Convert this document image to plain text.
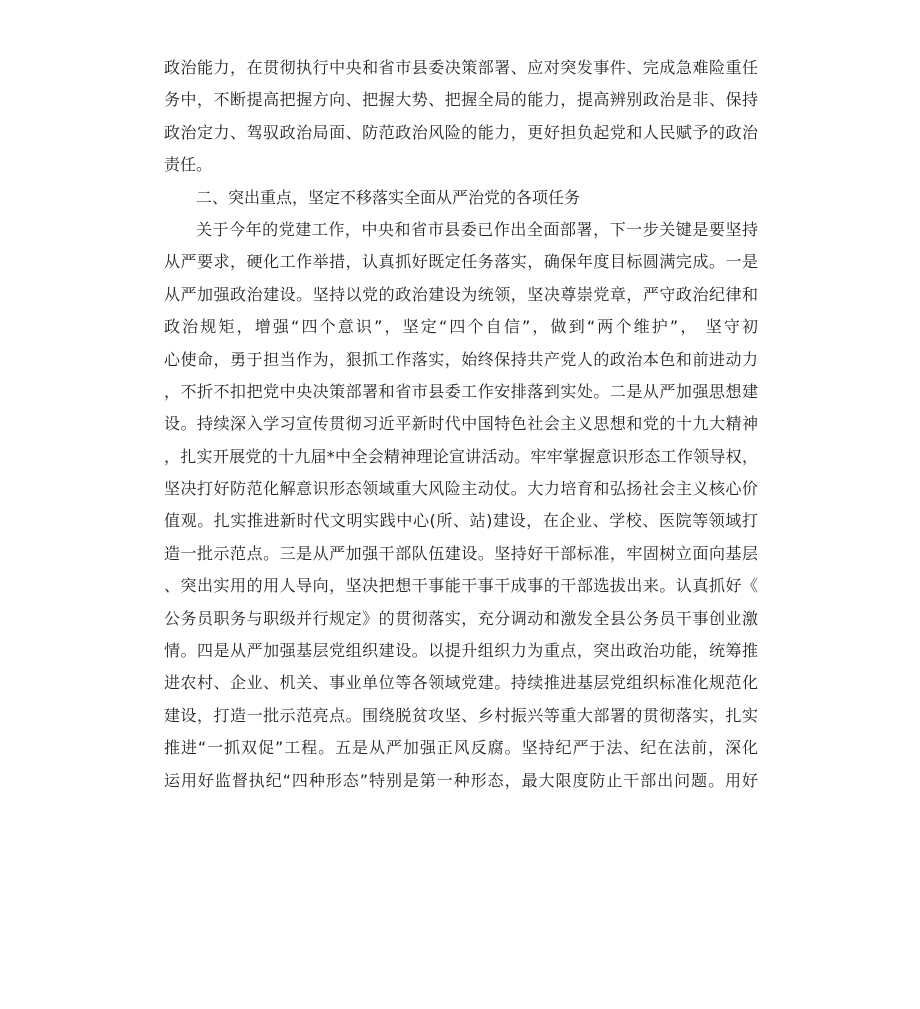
政治能力，在贯彻执行中央和省市县委决策部署、应对突发事件、完成急难险重任
务中，不断提高把握方向、把握大势、把握全局的能力，提高辨别政治是非、保持
政治定力、驾驭政治局面、防范政治风险的能力，更好担负起党和人民赋予的政治
责任。
二、突出重点，坚定不移落实全面从严治党的各项任务
关于今年的党建工作，中央和省市县委已作出全面部署，下一步关键是要坚持
从严要求，硬化工作举措，认真抓好既定任务落实，确保年度目标圆满完成。一是
从严加强政治建设。坚持以党的政治建设为统领，坚决尊崇党章，严守政治纪律和
政治规矩，增强“四个意识”，坚定“四个自信”，做到“两个维护”， 坚守初
心使命，勇于担当作为，狠抓工作落实，始终保持共产党人的政治本色和前进动力
，不折不扣把党中央决策部署和省市县委工作安排落到实处。二是从严加强思想建
设。持续深入学习宣传贯彻习近平新时代中国特色社会主义思想和党的十九大精神
，扎实开展党的十九届*中全会精神理论宣讲活动。牢牢掌握意识形态工作领导权，
坚决打好防范化解意识形态领域重大风险主动仗。大力培育和弘扬社会主义核心价
值观。扎实推进新时代文明实践中心(所、站)建设，在企业、学校、医院等领域打
造一批示范点。三是从严加强干部队伍建设。坚持好干部标准，牢固树立面向基层
、突出实用的用人导向，坚决把想干事能干事干成事的干部选拔出来。认真抓好《
公务员职务与职级并行规定》的贯彻落实，充分调动和激发全县公务员干事创业激
情。四是从严加强基层党组织建设。以提升组织力为重点，突出政治功能，统筹推
进农村、企业、机关、事业单位等各领域党建。持续推进基层党组织标准化规范化
建设，打造一批示范亮点。围绕脱贫攻坚、乡村振兴等重大部署的贯彻落实，扎实
推进“一抓双促”工程。五是从严加强正风反腐。坚持纪严于法、纪在法前，深化
运用好监督执纪“四种形态”特别是第一种形态，最大限度防止干部出问题。用好
